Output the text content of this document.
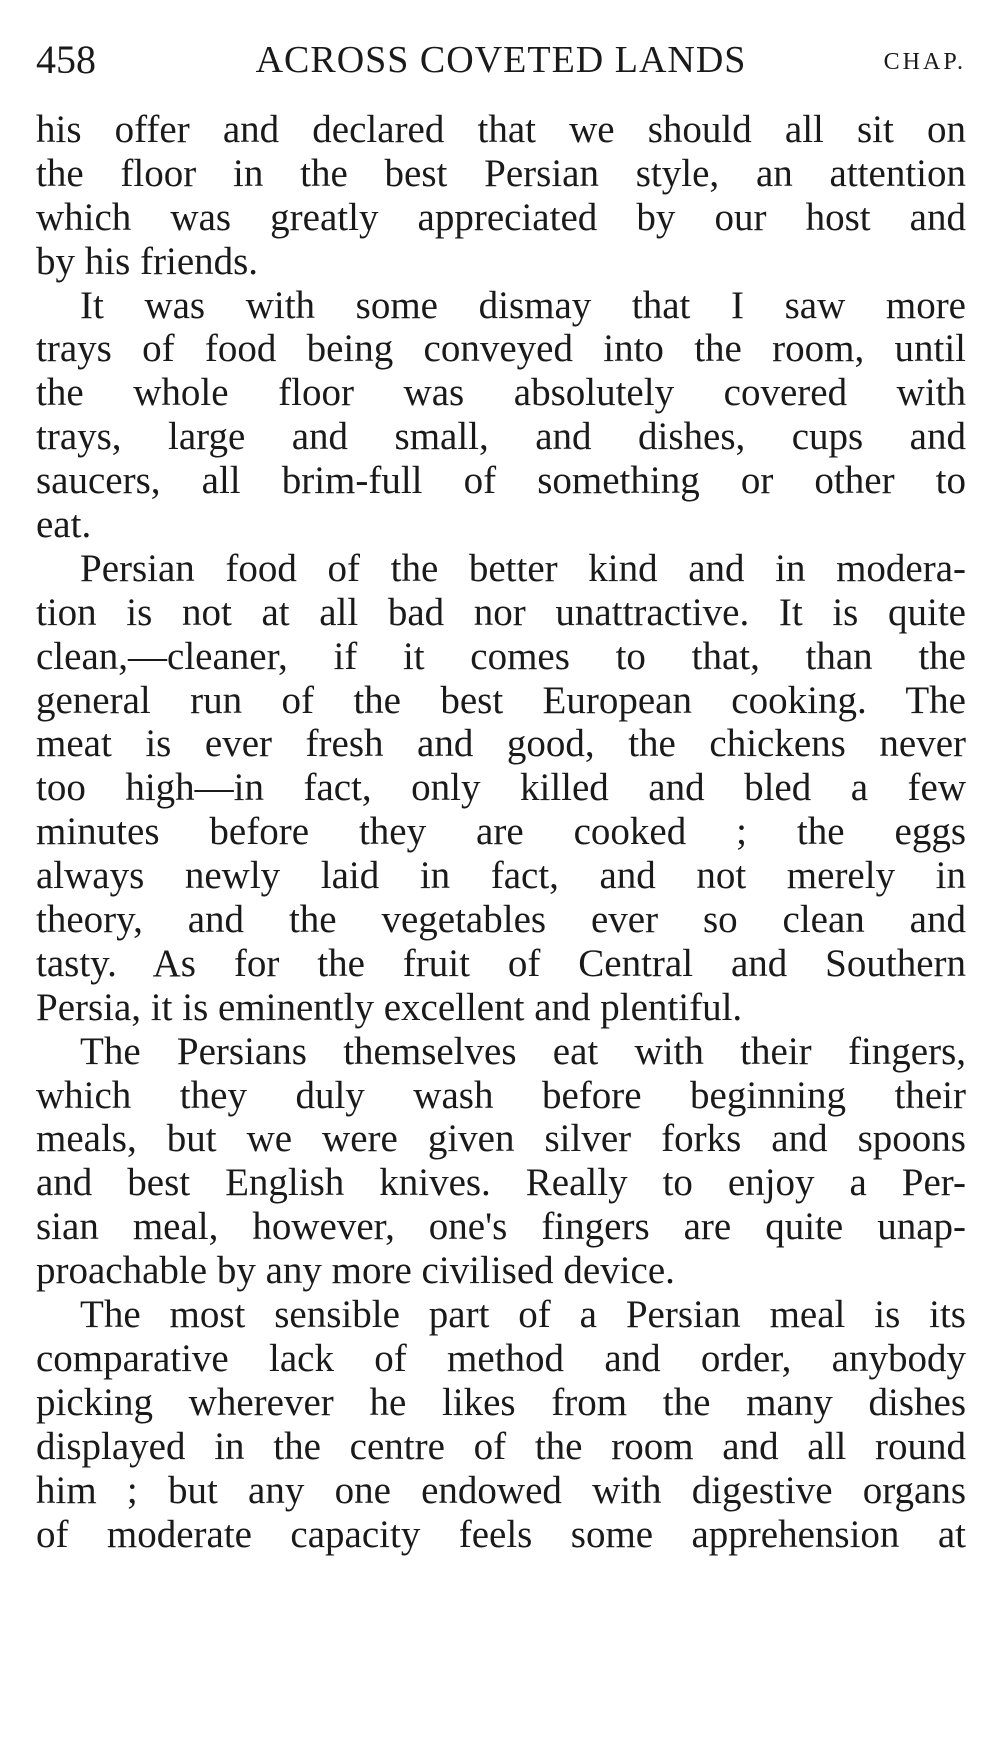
458	ACROSS COVETED LANDS	CHAP.
his offer and declared that we should all sit on
the floor in the best Persian style, an attention
which was greatly appreciated by our host and
by his friends.
It was with some dismay that I saw more
trays of food being conveyed into the room, until
the whole floor was absolutely covered with
trays, large and small, and dishes, cups and
saucers, all brim-full of something or other to
eat.
Persian food of the better kind and in modera-
tion is not at all bad nor unattractive. It is quite
clean,—cleaner, if it comes to that, than the
general run of the best European cooking. The
meat is ever fresh and good, the chickens never
too high—in fact, only killed and bled a few
minutes before they are cooked ; the eggs
always newly laid in fact, and not merely in
theory, and the vegetables ever so clean and
tasty. As for the fruit of Central and Southern
Persia, it is eminently excellent and plentiful.
The Persians themselves eat with their fingers,
which they duly wash before beginning their
meals, but we were given silver forks and spoons
and best English knives. Really to enjoy a Per-
sian meal, however, one's fingers are quite unap-
proachable by any more civilised device.
The most sensible part of a Persian meal is its
comparative lack of method and order, anybody
picking wherever he likes from the many dishes
displayed in the centre of the room and all round
him ; but any one endowed with digestive organs
of moderate capacity feels some apprehension at
